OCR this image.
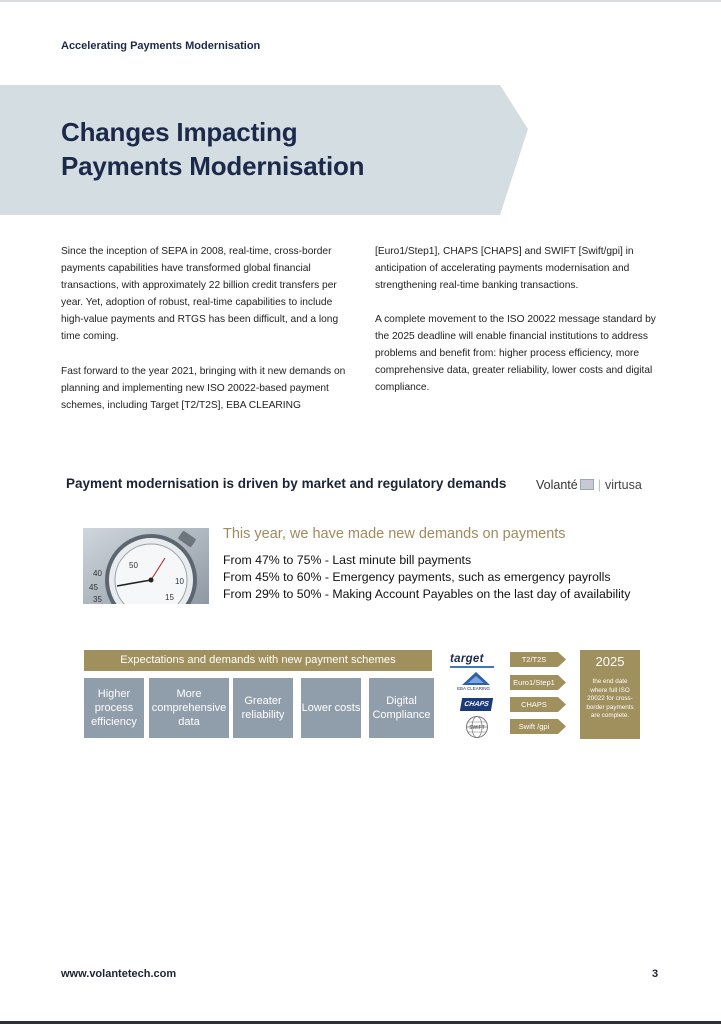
Accelerating Payments Modernisation
Changes Impacting
Payments Modernisation
Since the inception of SEPA in 2008, real-time, cross-border payments capabilities have transformed global financial transactions, with approximately 22 billion credit transfers per year. Yet, adoption of robust, real-time capabilities to include high-value payments and RTGS has been difficult, and a long time coming.
Fast forward to the year 2021, bringing with it new demands on planning and implementing new ISO 20022-based payment schemes, including Target [T2/T2S], EBA CLEARING
[Euro1/Step1], CHAPS [CHAPS] and SWIFT [Swift/gpi] in anticipation of accelerating payments modernisation and strengthening real-time banking transactions.
A complete movement to the ISO 20022 message standard by the 2025 deadline will enable financial institutions to address problems and benefit from: higher process efficiency, more comprehensive data, greater reliability, lower costs and digital compliance.
Payment modernisation is driven by market and regulatory demands Volanté | virtusa
50
40
45
10
35	15
This year, we have made new demands on payments
From 47% to 75% - Last minute bill payments
From 45% to 60% - Emergency payments, such as emergency payrolls
From 29% to 50% - Making Account Payables on the last day of availability
Expectations and demands with new payment schemes
Higher process efficiency
More comprehensive data
Greater reliability
Lower costs
Digital Compliance
target
EBA CLEARING
CHAPS
SWIFT
T2/T2S
Euro1/Step1
CHAPS
Swift /gpi
2025
the end date where full ISO 20022 for cross-border payments are complete.
www.volantetech.com	3
